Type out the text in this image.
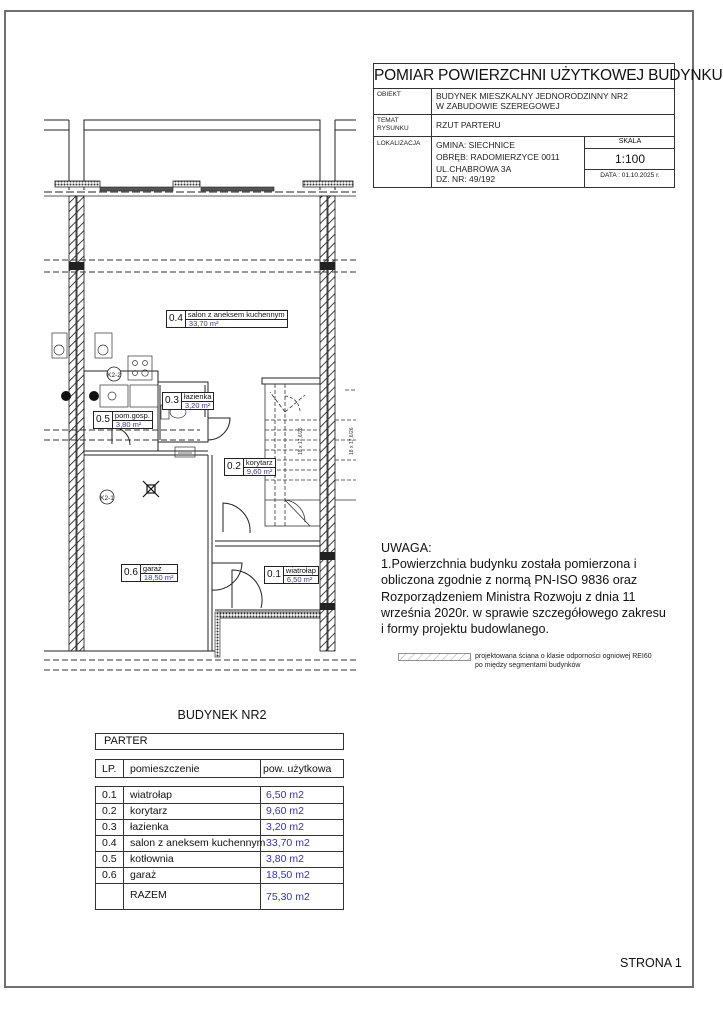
POMIAR POWIERZCHNI UŻYTKOWEJ BUDYNKU
OBIEKT	BUDYNEK MIESZKALNY JEDNORODZINNY NR2
W ZABUDOWIE SZEREGOWEJ
TEMAT
RYSUNKU	RZUT PARTERU
LOKALIZACJA GMINA: SIECHNICE
OBRĘB: RADOMIERZYCE 0011
UL.CHABROWA 3A
DZ. NR: 49/192
SKALA
1:100
DATA : 01.10.2025 r.
K2-2
K2-1
18 x 17,6/26	18 x 17,6/26
0.4 salon z aneksem kuchennym
33,70 m²
0.3 łazienka
3,20 m²
0.5 pom.gosp.
3,80 m²
0.2 korytarz
9,60 m²
0.6 garaż
18,50 m²	0.1 wiatrołap
6,50 m²
UWAGA:
1.Powierzchnia budynku została pomierzona i
obliczona zgodnie z normą PN-ISO 9836 oraz
Rozporządzeniem Ministra Rozwoju z dnia 11
września 2020r. w sprawie szczegółowego zakresu
i formy projektu budowlanego.
projektowana ściana o klasie odporności ogniowej REI60
po między segmentami budynków
BUDYNEK NR2
PARTER
LP. pomieszczenie	pow. użytkowa
0.1 wiatrołap	6,50 m2
0.2 korytarz	9,60 m2
0.3 łazienka	3,20 m2
0.4 salon z aneksem kuchennym 33,70 m2
0.5 kotłownia	3,80 m2
0.6 garaż	18,50 m2
RAZEM	75,30 m2
STRONA 1
